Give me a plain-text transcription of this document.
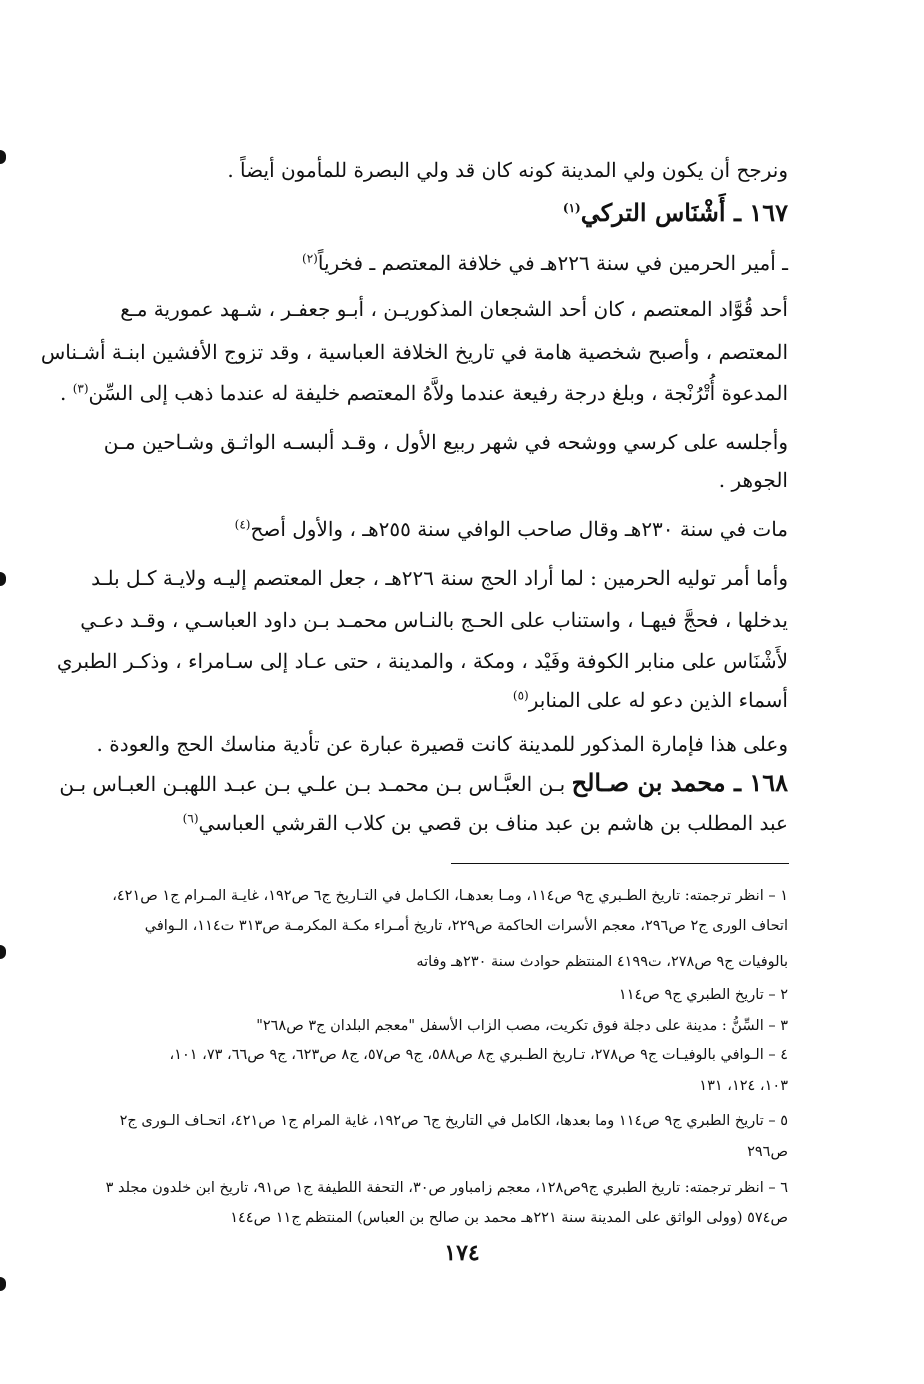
ونرجح أن يكون ولي المدينة كونه كان قد ولي البصرة للمأمون أيضاً .
١٦٧ ـ أَشْنَاس التركي$^{(١)}$
ـ أمير الحرمين في سنة ٢٢٦هـ في خلافة المعتصم ـ فخرياً$^{(٢)}$
أحد قُوَّاد المعتصم ، كان أحد الشجعان المذكوريـن ، أبـو جعفـر ، شـهد عمورية مـع
المعتصم ، وأصبح شخصية هامة في تاريخ الخلافة العباسية ، وقد تزوج الأفشين ابنـة أشـناس
المدعوة أُتْرُنْجة ، وبلغ درجة رفيعة عندما ولاَّهُ المعتصم خليفة له عندما ذهب إلى السِّن$^{(٣)}$ .
وأجلسه على كرسي ووشحه في شهر ربيع الأول ، وقـد ألبسـه الواثـق وشـاحين مـن
الجوهر .
مات في سنة ٢٣٠هـ وقال صاحب الوافي سنة ٢٥٥هـ ، والأول أصح$^{(٤)}$
وأما أمر توليه الحرمين : لما أراد الحج سنة ٢٢٦هـ ، جعل المعتصم إليـه ولايـة كـل بلـد
يدخلها ، فحجَّ فيهـا ، واستناب على الحـج بالنـاس محمـد بـن داود العباسـي ، وقـد دعـي
لأَشْنَاس على منابر الكوفة وفَيْد ، ومكة ، والمدينة ، حتى عـاد إلى سـامراء ، وذكـر الطبري
أسماء الذين دعو له على المنابر$^{(٥)}$
وعلى هذا فإمارة المذكور للمدينة كانت قصيرة عبارة عن تأدية مناسك الحج والعودة .
١٦٨ ـ محمد بن صـالح بـن العبَّـاس بـن محمـد بـن علـي بـن عبـد اللهبـن العبـاس بـن
عبد المطلب بن هاشم بن عبد مناف بن قصي بن كلاب القرشي العباسي$^{(٦)}$
١ – انظر ترجمته: تاريخ الطـبري ج٩ ص١١٤، ومـا بعدهـا، الكـامل في التـاريخ ج٦ ص١٩٢، غايـة المـرام ج١ ص٤٢١،
اتحاف الورى ج٢ ص٢٩٦، معجم الأسرات الحاكمة ص٢٢٩، تاريخ أمـراء مكـة المكرمـة ص٣١٣ ت١١٤، الـوافي
بالوفيات ج٩ ص٢٧٨، ت٤١٩٩ المنتظم حوادث سنة ٢٣٠هـ وفاته
٢ – تاريخ الطبري ج٩ ص١١٤
٣ – السِّنُّ : مدينة على دجلة فوق تكريت، مصب الزاب الأسفل "معجم البلدان ج٣ ص٢٦٨"
٤ – الـوافي بالوفيـات ج٩ ص٢٧٨، تـاريخ الطـبري ج٨ ص٥٨٨، ج٩ ص٥٧، ج٨ ص٦٢٣، ج٩ ص٦٦، ٧٣، ١٠١،
١٠٣، ١٢٤، ١٣١
٥ – تاريخ الطبري ج٩ ص١١٤ وما بعدها، الكامل في التاريخ ج٦ ص١٩٢، غاية المرام ج١ ص٤٢١، اتحـاف الـورى ج٢
ص٢٩٦
٦ – انظر ترجمته: تاريخ الطبري ج٩ص١٢٨، معجم زامباور ص٣٠، التحفة اللطيفة ج١ ص٩١، تاريخ ابن خلدون مجلد ٣
ص٥٧٤ (وولى الواثق على المدينة سنة ٢٢١هـ محمد بن صالح بن العباس) المنتظم ج١١ ص١٤٤
١٧٤
